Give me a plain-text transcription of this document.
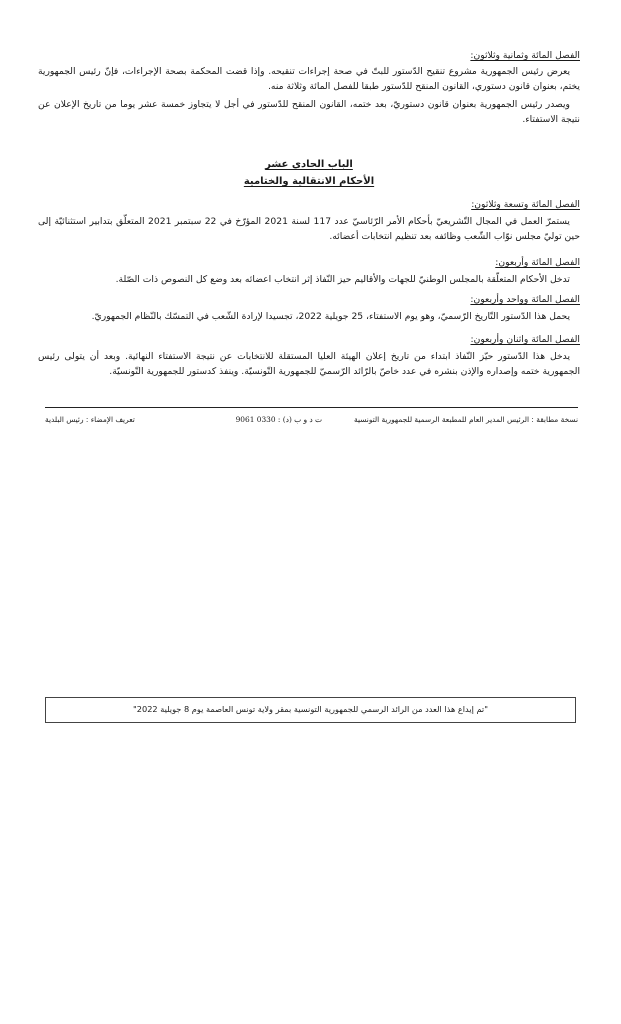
الفصل المائة وثمانية وثلاثون:

يعرض رئيس الجمهورية مشروع تنقيح الدّستور للبتّ في صحة إجراءات تنقيحه. وإذا قضت المحكمة بصحة الإجراءات، فإنّ رئيس الجمهورية يختم، بعنوان قانون دستوري، القانون المنقح للدّستور طبقا للفصل المائة وثلاثة منه.

ويصدر رئيس الجمهورية بعنوان قانون دستوريّ، بعد ختمه، القانون المنقح للدّستور في أجل لا يتجاوز خمسة عشر يوما من تاريخ الإعلان عن نتيجة الاستفتاء.

الباب الحادي عشر

الأحكام الانتقالية والختامية

الفصل المائة وتسعة وثلاثون:

يستمرّ العمل في المجال التّشريعيّ بأحكام الأمر الرّئاسيّ عدد 117 لسنة 2021 المؤرّخ في 22 سبتمبر 2021 المتعلّق بتدابير استثنائيّة إلى حين توليّ مجلس نوّاب الشّعب وظائفه بعد تنظيم انتخابات أعضائه.

الفصل المائة وأربعون:

تدخل الأحكام المتعلّقة بالمجلس الوطنيّ للجهات والأقاليم حيز النّفاذ إثر انتخاب اعضائه بعد وضع كل النصوص ذات الصّلة.

الفصل المائة وواحد وأربعون:

يحمل هذا الدّستور التّاريخ الرّسميّ، وهو يوم الاستفتاء، 25 جويلية 2022، تجسيدا لإرادة الشّعب في التمسّك بالنّظام الجمهوريّ.

الفصل المائة واثنان وأربعون:

يدخل هذا الدّستور حيّز النّفاذ ابتداء من تاريخ إعلان الهيئة العليا المستقلة للانتخابات عن نتيجة الاستفتاء النهائية. وبعد أن يتولى رئيس الجمهورية ختمه وإصداره والإذن بنشره في عدد خاصّ بالرّائد الرّسميّ للجمهورية التّونسيّة. وينفذ كدستور للجمهورية التّونسيّة.

نسخة مطابقة : الرئيس المدير العام للمطبعة الرسمية للجمهورية التونسية
ت د و ب (د) : 0330 9061
تعريف الإمضاء : رئيس البلدية
"تم إيداع هذا العدد من الرائد الرسمي للجمهورية التونسية بمقر ولاية تونس العاصمة يوم 8 جويلية 2022"
